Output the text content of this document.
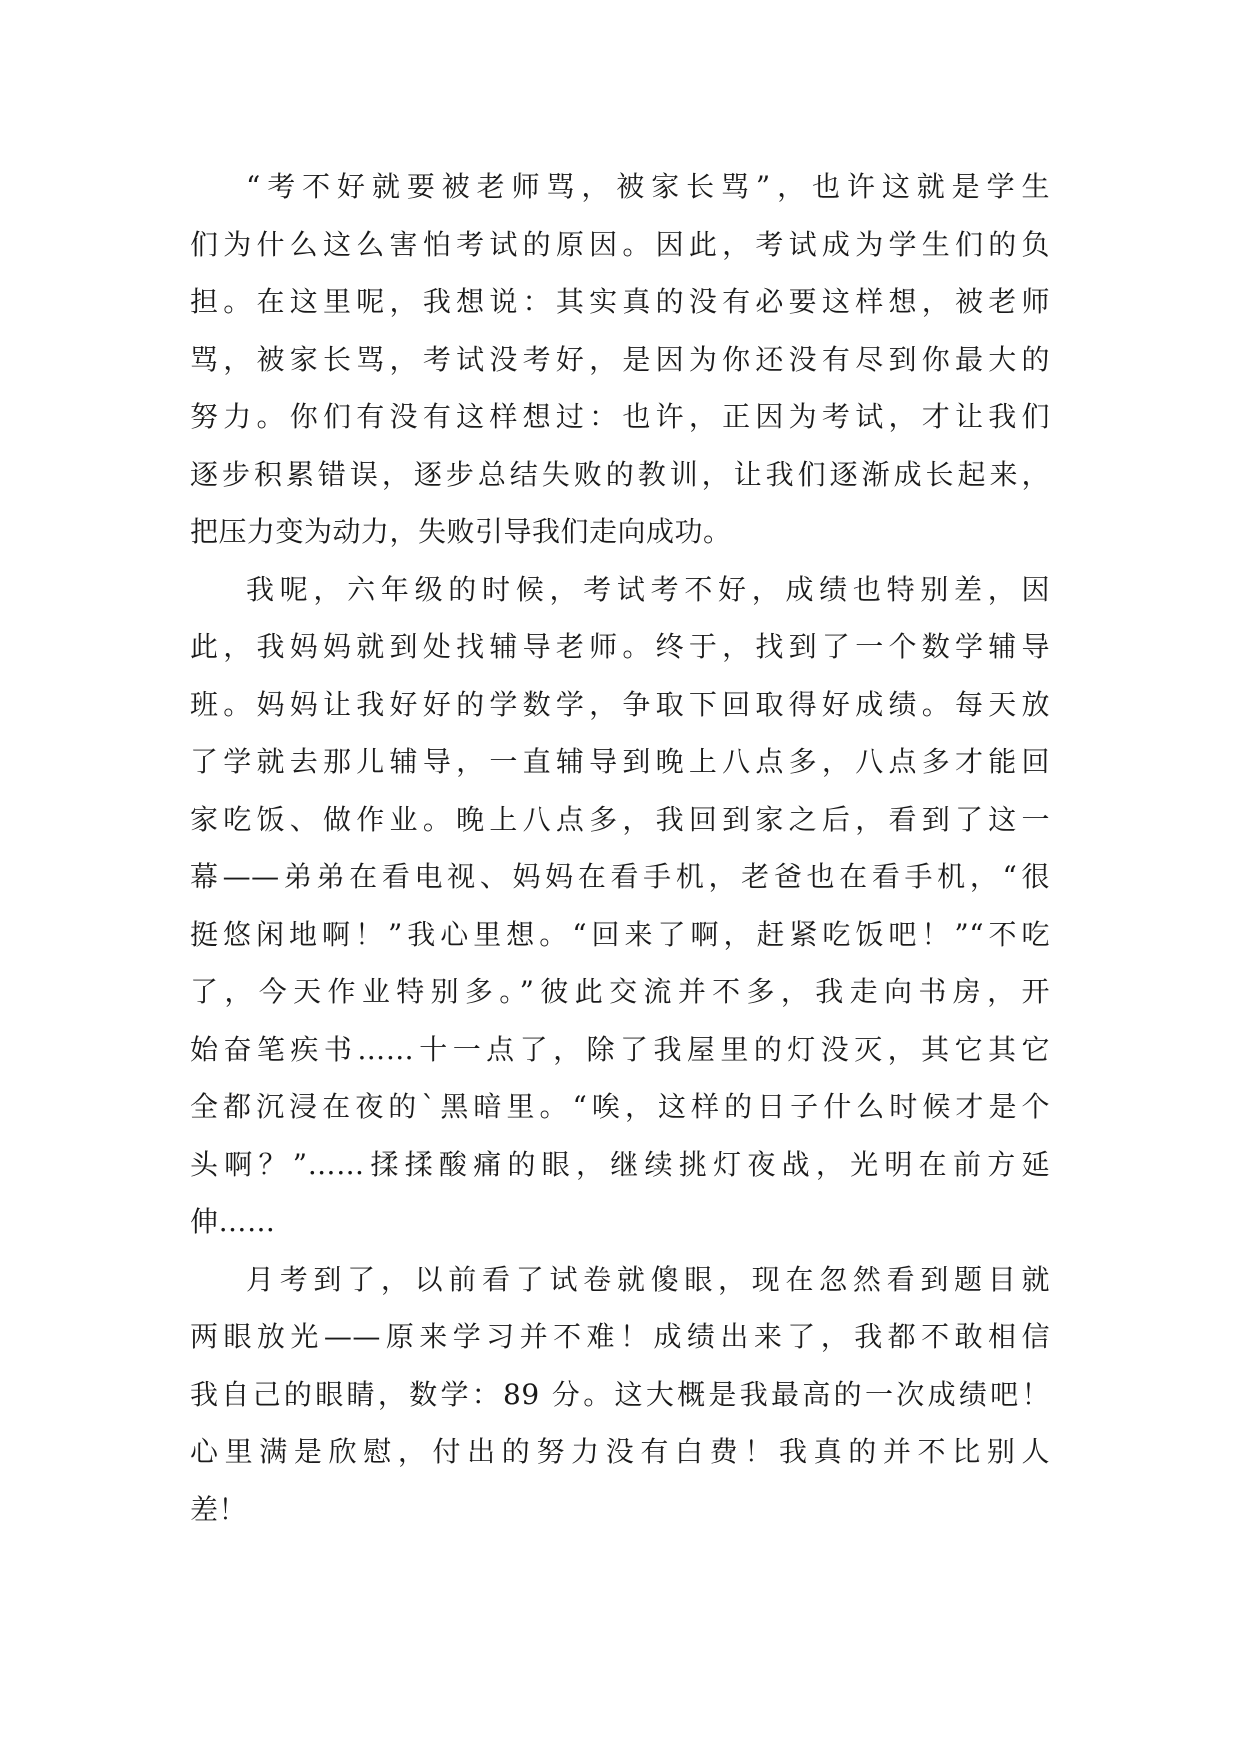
“考不好就要被老师骂，被家长骂”，也许这就是学生
们为什么这么害怕考试的原因。因此，考试成为学生们的负
担。在这里呢，我想说：其实真的没有必要这样想，被老师
骂，被家长骂，考试没考好，是因为你还没有尽到你最大的
努力。你们有没有这样想过：也许，正因为考试，才让我们
逐步积累错误，逐步总结失败的教训，让我们逐渐成长起来，
把压力变为动力，失败引导我们走向成功。
我呢，六年级的时候，考试考不好，成绩也特别差，因
此，我妈妈就到处找辅导老师。终于，找到了一个数学辅导
班。妈妈让我好好的学数学，争取下回取得好成绩。每天放
了学就去那儿辅导，一直辅导到晚上八点多，八点多才能回
家吃饭、做作业。晚上八点多，我回到家之后，看到了这一
幕——弟弟在看电视、妈妈在看手机，老爸也在看手机，“很
挺悠闲地啊！”我心里想。“回来了啊，赶紧吃饭吧！”“不吃
了，今天作业特别多。”彼此交流并不多，我走向书房，开
始奋笔疾书……十一点了，除了我屋里的灯没灭，其它其它
全都沉浸在夜的`黑暗里。“唉，这样的日子什么时候才是个
头啊？”……揉揉酸痛的眼，继续挑灯夜战，光明在前方延
伸……
月考到了，以前看了试卷就傻眼，现在忽然看到题目就
两眼放光——原来学习并不难！成绩出来了，我都不敢相信
我自己的眼睛，数学：89 分。这大概是我最高的一次成绩吧！
心里满是欣慰，付出的努力没有白费！我真的并不比别人
差！
